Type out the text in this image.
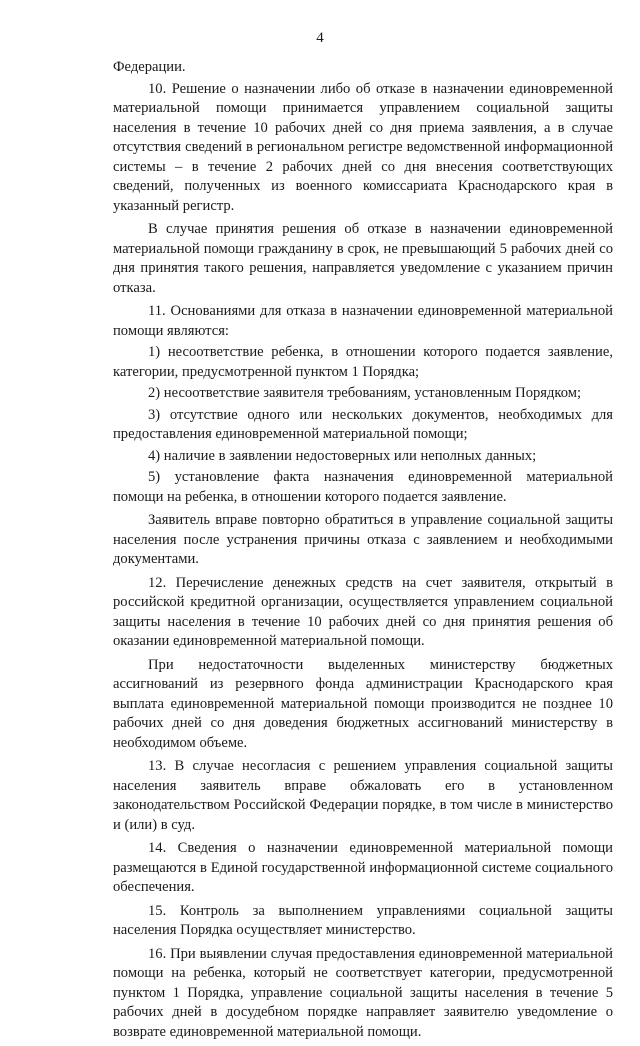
4

Федерации.

10. Решение о назначении либо об отказе в назначении единовременной материальной помощи принимается управлением социальной защиты населения в течение 10 рабочих дней со дня приема заявления, а в случае отсутствия сведений в региональном регистре ведомственной информационной системы – в течение 2 рабочих дней со дня внесения соответствующих сведений, полученных из военного комиссариата Краснодарского края в указанный регистр.

В случае принятия решения об отказе в назначении единовременной материальной помощи гражданину в срок, не превышающий 5 рабочих дней со дня принятия такого решения, направляется уведомление с указанием причин отказа.

11. Основаниями для отказа в назначении единовременной материальной помощи являются:

1) несоответствие ребенка, в отношении которого подается заявление, категории, предусмотренной пунктом 1 Порядка;

2) несоответствие заявителя требованиям, установленным Порядком;

3) отсутствие одного или нескольких документов, необходимых для предоставления единовременной материальной помощи;

4) наличие в заявлении недостоверных или неполных данных;

5) установление факта назначения единовременной материальной помощи на ребенка, в отношении которого подается заявление.

Заявитель вправе повторно обратиться в управление социальной защиты населения после устранения причины отказа с заявлением и необходимыми документами.

12. Перечисление денежных средств на счет заявителя, открытый в российской кредитной организации, осуществляется управлением социальной защиты населения в течение 10 рабочих дней со дня принятия решения об оказании единовременной материальной помощи.

При недостаточности выделенных министерству бюджетных ассигнований из резервного фонда администрации Краснодарского края выплата единовременной материальной помощи производится не позднее 10 рабочих дней со дня доведения бюджетных ассигнований министерству в необходимом объеме.

13. В случае несогласия с решением управления социальной защиты населения заявитель вправе обжаловать его в установленном законодательством Российской Федерации порядке, в том числе в министерство и (или) в суд.

14. Сведения о назначении единовременной материальной помощи размещаются в Единой государственной информационной системе социального обеспечения.

15. Контроль за выполнением управлениями социальной защиты населения Порядка осуществляет министерство.

16. При выявлении случая предоставления единовременной материальной помощи на ребенка, который не соответствует категории, предусмотренной пунктом 1 Порядка, управление социальной защиты населения в течение 5 рабочих дней в досудебном порядке направляет заявителю уведомление о возврате единовременной материальной помощи.
